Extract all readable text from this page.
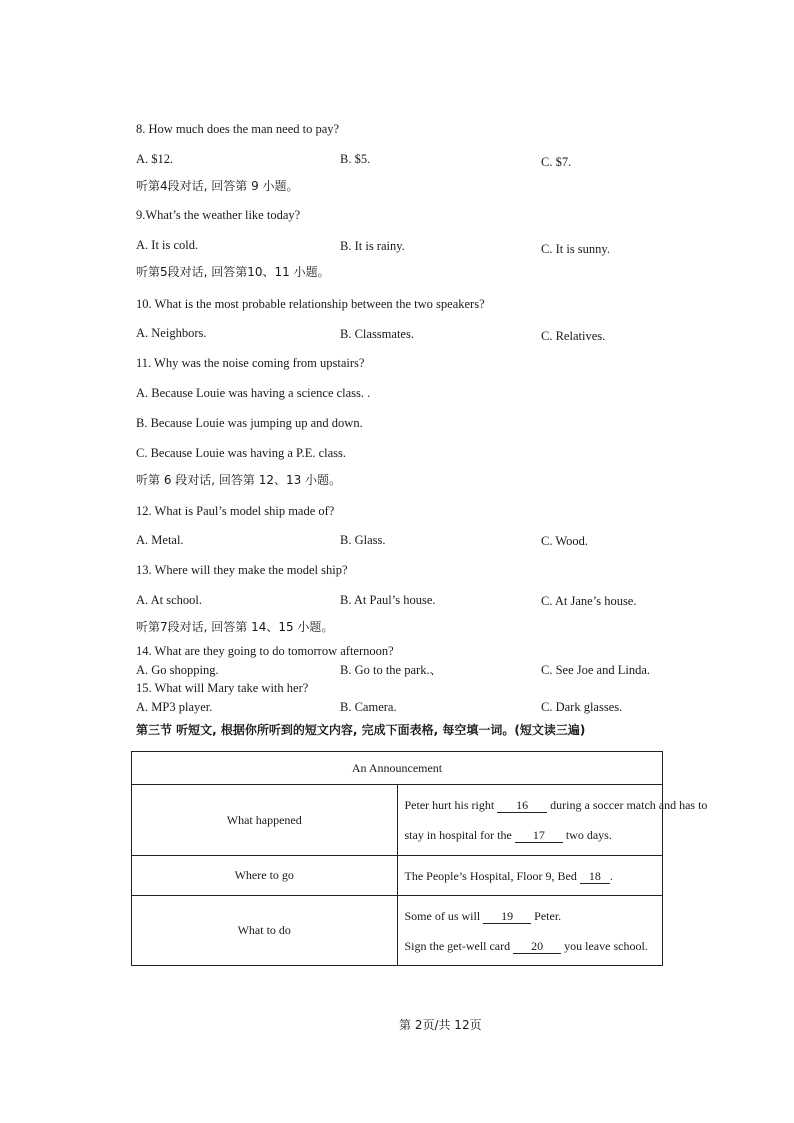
8. How much does the man need to pay?
A. $12.	B. $5.	C. $7.
听第4段对话, 回答第 9 小题。
9.What’s the weather like today?
A. It is cold.	B. It is rainy.	C. It is sunny.
听第5段对话, 回答第10、11 小题。
10. What is the most probable relationship between the two speakers?
A. Neighbors.	B. Classmates.	C. Relatives.
11. Why was the noise coming from upstairs?
A. Because Louie was having a science class. .
B. Because Louie was jumping up and down.
C. Because Louie was having a P.E. class.
听第 6 段对话, 回答第 12、13 小题。
12. What is Paul’s model ship made of?
A. Metal.	B. Glass.	C. Wood.
13. Where will they make the model ship?
A. At school.	B. At Paul’s house.	C. At Jane’s house.
听第7段对话, 回答第 14、15 小题。
14. What are they going to do tomorrow afternoon?
A. Go shopping.	B. Go to the park.、	C. See Joe and Linda.
15. What will Mary take with her?
A. MP3 player.	B. Camera.	C. Dark glasses.
第三节 听短文, 根据你所听到的短文内容, 完成下面表格, 每空填一词。(短文读三遍)
An Announcement	
What happened	Peter hurt his right 16 during a soccer match and has to
stay in hospital for the 17 two days.

Where to go	The People’s Hospital, Floor 9, Bed 18 .

What to do	Some of us will 19 Peter.
Sign the get-well card 20 you leave school.
第 2页/共 12页
